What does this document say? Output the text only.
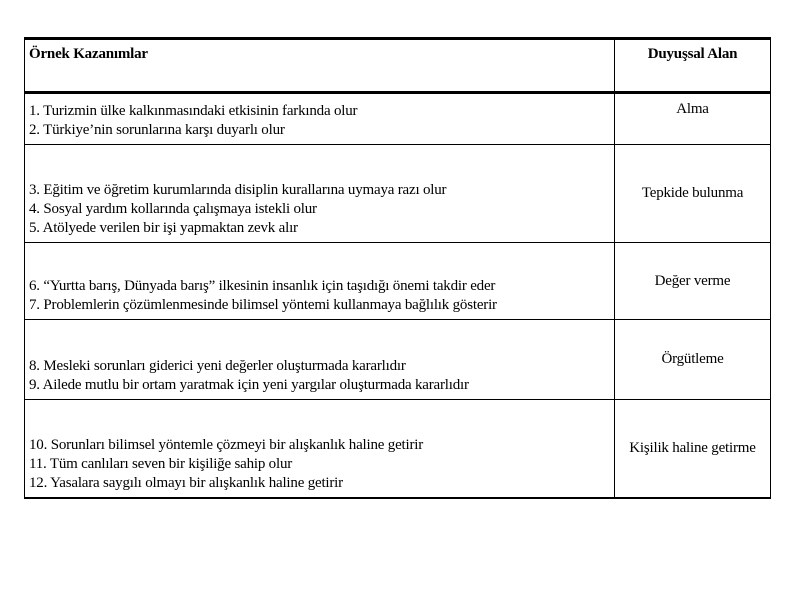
Örnek Kazanımlar	Duyuşsal Alan

1. Turizmin ülke kalkınmasındaki etkisinin farkında olur
2. Türkiye’nin sorunlarına karşı duyarlı olur	Alma

3. Eğitim ve öğretim kurumlarında disiplin kurallarına uymaya razı olur
4. Sosyal yardım kollarında çalışmaya istekli olur
5. Atölyede verilen bir işi yapmaktan zevk alır	Tepkide bulunma

6. “Yurtta barış, Dünyada barış” ilkesinin insanlık için taşıdığı önemi takdir eder
7. Problemlerin çözümlenmesinde bilimsel yöntemi kullanmaya bağlılık gösterir	Değer verme

8. Mesleki sorunları giderici yeni değerler oluşturmada kararlıdır
9. Ailede mutlu bir ortam yaratmak için yeni yargılar oluşturmada kararlıdır	Örgütleme

10. Sorunları bilimsel yöntemle çözmeyi bir alışkanlık haline getirir
11. Tüm canlıları seven bir kişiliğe sahip olur
12. Yasalara saygılı olmayı bir alışkanlık haline getirir	Kişilik haline getirme
